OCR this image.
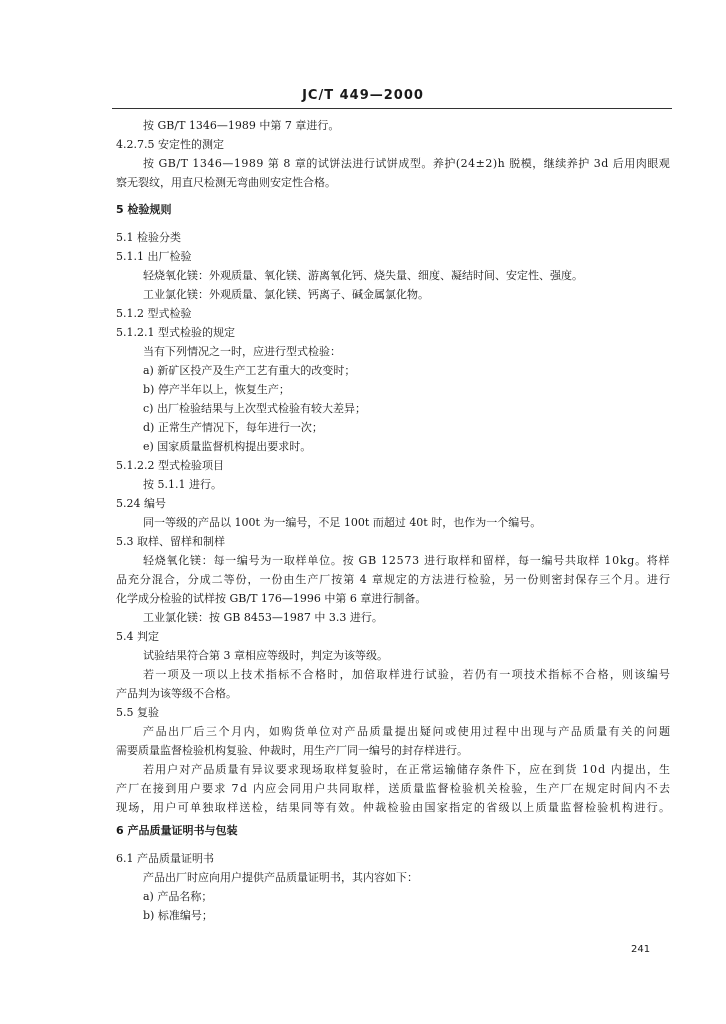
JC/T 449—2000
按 GB/T 1346—1989 中第 7 章进行。
4.2.7.5 安定性的测定
按 GB/T 1346—1989 第 8 章的试饼法进行试饼成型。养护(24±2)h 脱模，继续养护 3d 后用肉眼观
察无裂纹，用直尺检测无弯曲则安定性合格。
5 检验规则
5.1 检验分类
5.1.1 出厂检验
轻烧氧化镁：外观质量、氧化镁、游离氧化钙、烧失量、细度、凝结时间、安定性、强度。
工业氯化镁：外观质量、氯化镁、钙离子、碱金属氯化物。
5.1.2 型式检验
5.1.2.1 型式检验的规定
当有下列情况之一时，应进行型式检验：
a) 新矿区投产及生产工艺有重大的改变时；
b) 停产半年以上，恢复生产；
c) 出厂检验结果与上次型式检验有较大差异；
d) 正常生产情况下，每年进行一次；
e) 国家质量监督机构提出要求时。
5.1.2.2 型式检验项目
按 5.1.1 进行。
5.24 编号
同一等级的产品以 100t 为一编号，不足 100t 而超过 40t 时，也作为一个编号。
5.3 取样、留样和制样
轻烧氧化镁：每一编号为一取样单位。按 GB 12573 进行取样和留样，每一编号共取样 10kg。将样
品充分混合，分成二等份，一份由生产厂按第 4 章规定的方法进行检验，另一份则密封保存三个月。进行
化学成分检验的试样按 GB/T 176—1996 中第 6 章进行制备。
工业氯化镁：按 GB 8453—1987 中 3.3 进行。
5.4 判定
试验结果符合第 3 章相应等级时，判定为该等级。
若一项及一项以上技术指标不合格时，加倍取样进行试验，若仍有一项技术指标不合格，则该编号
产品判为该等级不合格。
5.5 复验
产品出厂后三个月内，如购货单位对产品质量提出疑问或使用过程中出现与产品质量有关的问题
需要质量监督检验机构复验、仲裁时，用生产厂同一编号的封存样进行。
若用户对产品质量有异议要求现场取样复验时，在正常运输储存条件下，应在到货 10d 内提出，生
产厂在接到用户要求 7d 内应会同用户共同取样，送质量监督检验机关检验，生产厂在规定时间内不去
现场，用户可单独取样送检，结果同等有效。仲裁检验由国家指定的省级以上质量监督检验机构进行。
6 产品质量证明书与包装
6.1 产品质量证明书
产品出厂时应向用户提供产品质量证明书，其内容如下：
a) 产品名称；
b) 标准编号；
241
